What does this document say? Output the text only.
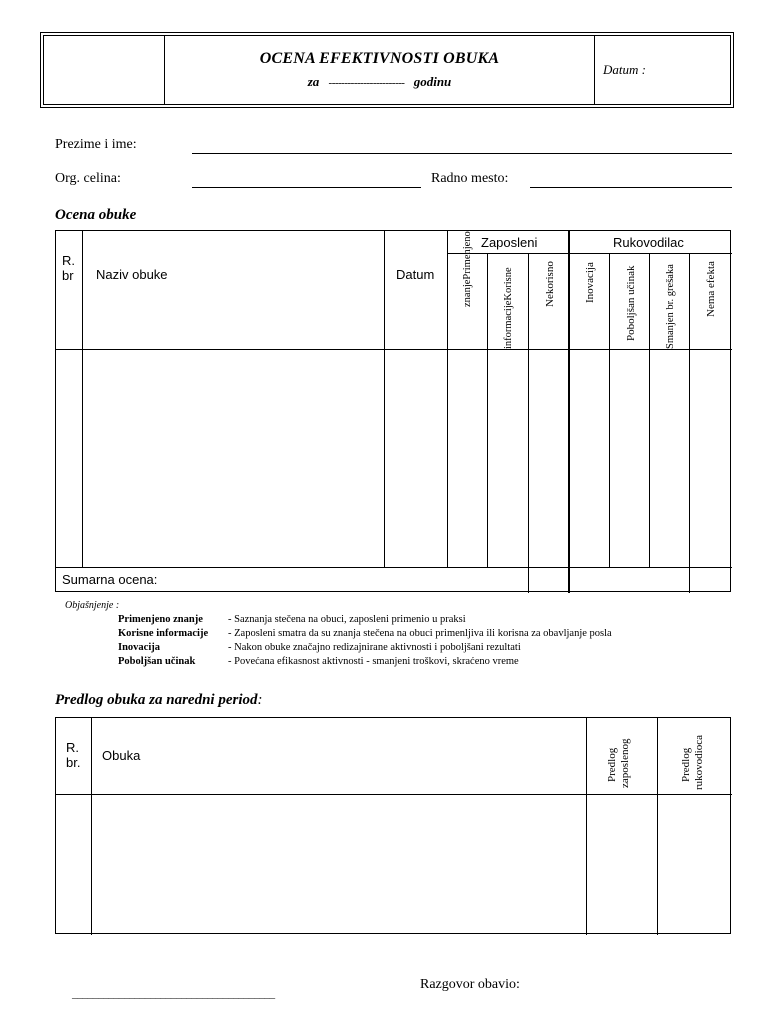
OCENA EFEKTIVNOSTI OBUKA
za ------------------------ godinu
Datum :
Prezime i ime:
Org. celina:	Radno mesto:
Ocena obuke
R.
br Naziv obuke	Datum
Zaposleni	Rukovodilac
znanjePrimenjeno	informacijeKorisne	Nekorisno	Inovacija	Poboljšan učinak	Smanjen br. grešaka	Nema efekta
Sumarna ocena:
Objašnjenje :
Primenjeno znanje	- Saznanja stečena na obuci, zaposleni primenio u praksi
Korisne informacije	- Zaposleni smatra da su znanja stečena na obuci primenljiva ili korisna za obavljanje posla
Inovacija	- Nakon obuke značajno redizajnirane aktivnosti i poboljšani rezultati
Poboljšan učinak	- Povećana efikasnost aktivnosti - smanjeni troškovi, skraćeno vreme
Predlog obuka za naredni period:
R.
br. Obuka	Predlog zaposlenog	Predlog rukovodioca
Razgovor obavio:
_______________________________________
